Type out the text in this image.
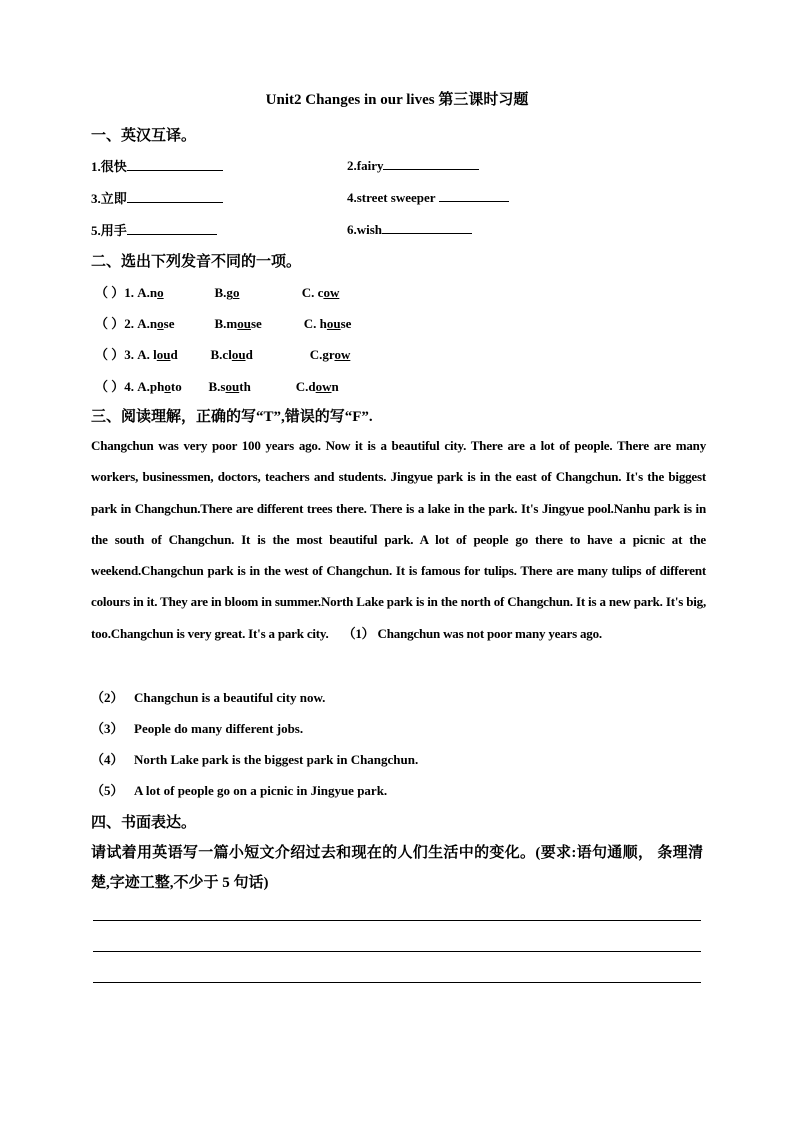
Unit2 Changes in our lives 第三课时习题
一、英汉互译。
1.很快	2.fairy
3.立即	4.street sweeper
5.用手	6.wish
二、选出下列发音不同的一项。
（ ）1. A.no	B.go	C. cow
（ ）2. A.nose	B.mouse	C. house
（ ）3. A. loud	B.cloud	C.grow
（ ）4. A.photo B.south	C.down
三、阅读理解，正确的写“T”,错误的写“F”.
Changchun was very poor 100 years ago. Now it is a beautiful city. There are a lot of people. There are many workers, businessmen, doctors, teachers and students. Jingyue park is in the east of Changchun. It's the biggest park in Changchun.There are different trees there. There is a lake in the park. It's Jingyue pool.Nanhu park is in the south of Changchun. It is the most beautiful park. A lot of people go there to have a picnic at the weekend.Changchun park is in the west of Changchun. It is famous for tulips. There are many tulips of different colours in it. They are in bloom in summer.North Lake park is in the north of Changchun. It is a new park. It's big, too.Changchun is very great. It's a park city. （1） Changchun was not poor many years ago.
（2） Changchun is a beautiful city now.
（3） People do many different jobs.
（4） North Lake park is the biggest park in Changchun.
（5） A lot of people go on a picnic in Jingyue park.
四、书面表达。
请试着用英语写一篇小短文介绍过去和现在的人们生活中的变化。(要求:语句通顺， 条理清楚,字迹工整,不少于 5 句话)
